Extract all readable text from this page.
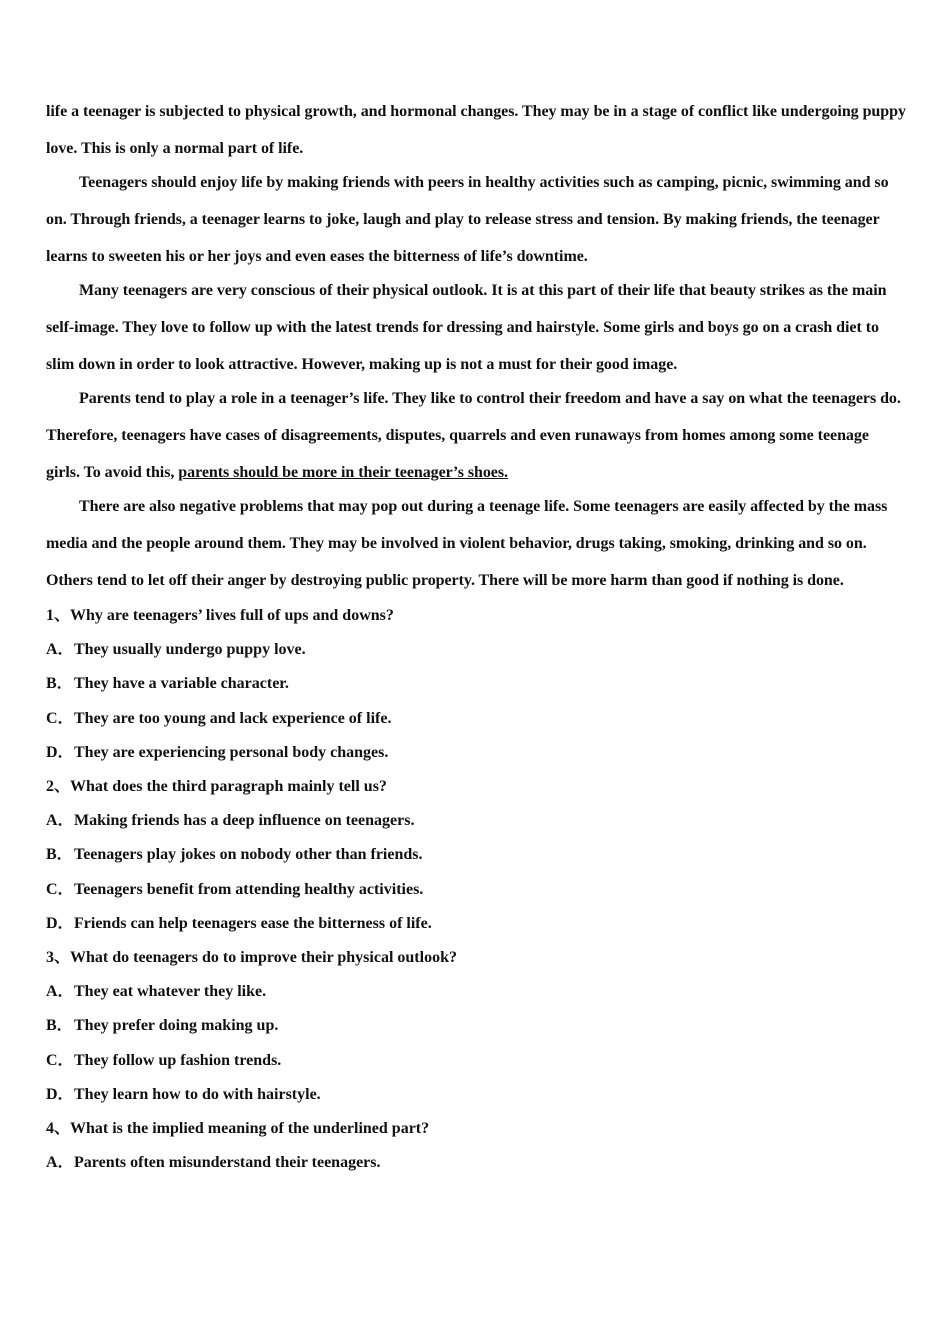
life a teenager is subjected to physical growth, and hormonal changes. They may be in a stage of conflict like undergoing puppy love. This is only a normal part of life.

Teenagers should enjoy life by making friends with peers in healthy activities such as camping, picnic, swimming and so on. Through friends, a teenager learns to joke, laugh and play to release stress and tension. By making friends, the teenager learns to sweeten his or her joys and even eases the bitterness of life’s downtime.

Many teenagers are very conscious of their physical outlook. It is at this part of their life that beauty strikes as the main self-image. They love to follow up with the latest trends for dressing and hairstyle. Some girls and boys go on a crash diet to slim down in order to look attractive. However, making up is not a must for their good image.

Parents tend to play a role in a teenager’s life. They like to control their freedom and have a say on what the teenagers do. Therefore, teenagers have cases of disagreements, disputes, quarrels and even runaways from homes among some teenage girls. To avoid this, parents should be more in their teenager’s shoes.

There are also negative problems that may pop out during a teenage life. Some teenagers are easily affected by the mass media and the people around them. They may be involved in violent behavior, drugs taking, smoking, drinking and so on. Others tend to let off their anger by destroying public property. There will be more harm than good if nothing is done.

1、Why are teenagers’ lives full of ups and downs?

A．They usually undergo puppy love.

B．They have a variable character.

C．They are too young and lack experience of life.

D．They are experiencing personal body changes.

2、What does the third paragraph mainly tell us?

A．Making friends has a deep influence on teenagers.

B．Teenagers play jokes on nobody other than friends.

C．Teenagers benefit from attending healthy activities.

D．Friends can help teenagers ease the bitterness of life.

3、What do teenagers do to improve their physical outlook?

A．They eat whatever they like.

B．They prefer doing making up.

C．They follow up fashion trends.

D．They learn how to do with hairstyle.

4、What is the implied meaning of the underlined part?

A．Parents often misunderstand their teenagers.
